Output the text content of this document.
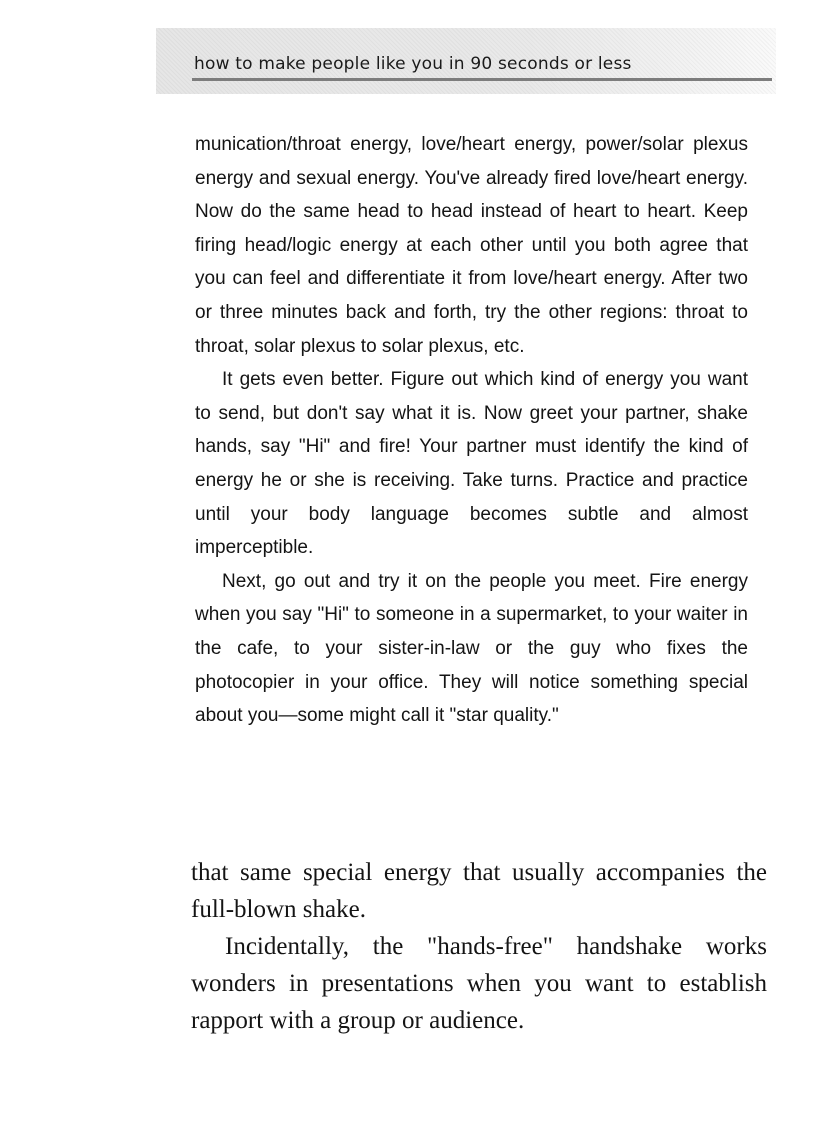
how to make people like you in 90 seconds or less

munication/throat energy, love/heart energy, power/solar plexus energy and sexual energy. You've already fired love/heart energy. Now do the same head to head instead of heart to heart. Keep firing head/logic energy at each other until you both agree that you can feel and differentiate it from love/heart energy. After two or three minutes back and forth, try the other regions: throat to throat, solar plexus to solar plexus, etc.

It gets even better. Figure out which kind of energy you want to send, but don't say what it is. Now greet your partner, shake hands, say "Hi" and fire! Your partner must identify the kind of energy he or she is receiving. Take turns. Practice and practice until your body language becomes subtle and almost imperceptible.

Next, go out and try it on the people you meet. Fire energy when you say "Hi" to someone in a supermarket, to your waiter in the cafe, to your sister-in-law or the guy who fixes the photocopier in your office. They will notice something special about you—some might call it "star quality."

that same special energy that usually accompanies the full-blown shake.

Incidentally, the "hands-free" handshake works wonders in presentations when you want to establish rapport with a group or audience.
